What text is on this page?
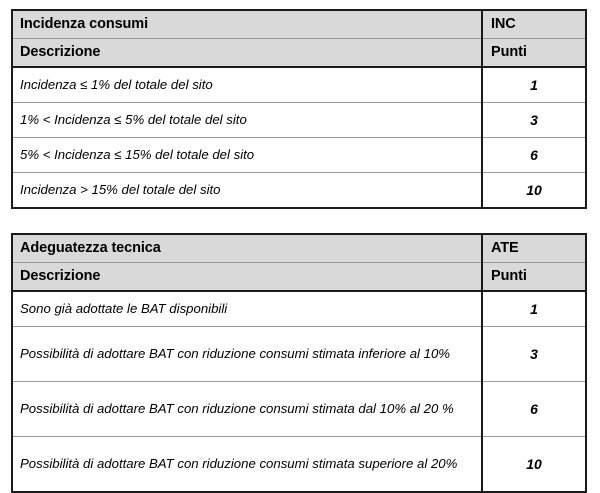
Incidenza consumi	INC
Descrizione	Punti
Incidenza ≤ 1% del totale del sito	1
1% < Incidenza ≤ 5% del totale del sito	3
5% < Incidenza ≤ 15% del totale del sito	6
Incidenza > 15% del totale del sito	10
Adeguatezza tecnica	ATE
Descrizione	Punti
Sono già adottate le BAT disponibili	1
Possibilità di adottare BAT con riduzione consumi stimata inferiore al 10%	3
Possibilità di adottare BAT con riduzione consumi stimata dal 10% al 20 %	6
Possibilità di adottare BAT con riduzione consumi stimata superiore al 20%	10
